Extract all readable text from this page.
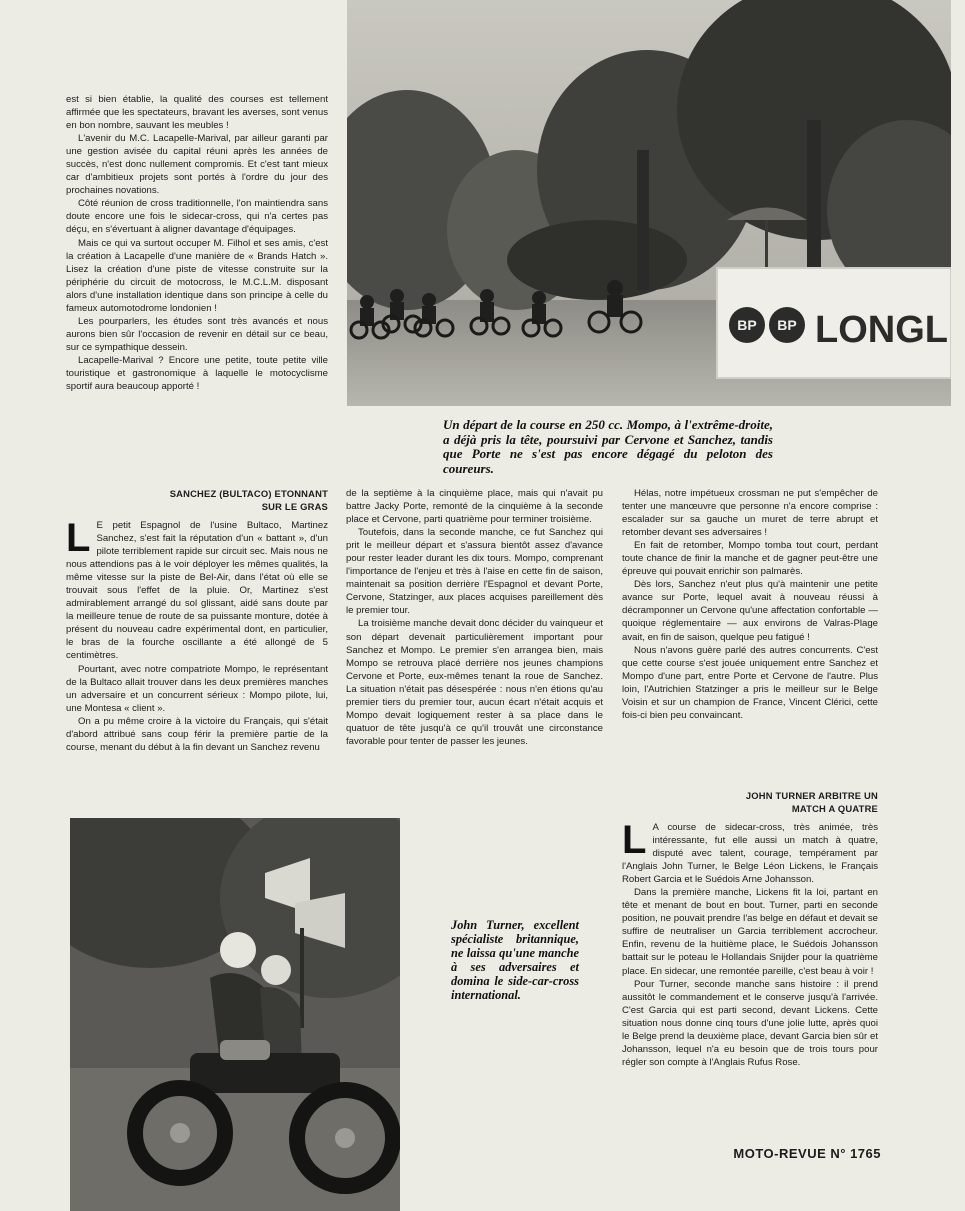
est si bien établie, la qualité des courses est tellement affirmée que les spectateurs, bravant les averses, sont venus en bon nombre, sauvant les meubles !

L'avenir du M.C. Lacapelle-Marival, par ailleur garanti par une gestion avisée du capital réuni après les années de succès, n'est donc nullement compromis. Et c'est tant mieux car d'ambitieux projets sont portés à l'ordre du jour des prochaines novations.

Côté réunion de cross traditionnelle, l'on maintiendra sans doute encore une fois le sidecar-cross, qui n'a certes pas déçu, en s'évertuant à aligner davantage d'équipages.

Mais ce qui va surtout occuper M. Filhol et ses amis, c'est la création à Lacapelle d'une manière de « Brands Hatch ». Lisez la création d'une piste de vitesse construite sur la périphérie du circuit de motocross, le M.C.L.M. disposant alors d'une installation identique dans son principe à celle du fameux automotodrome londonien !

Les pourparlers, les études sont très avancés et nous aurons bien sûr l'occasion de revenir en détail sur ce beau, sur ce sympathique dessein.

Lacapelle-Marival ? Encore une petite, toute petite ville touristique et gastronomique à laquelle le motocyclisme sportif aura beaucoup apporté !

BP BP LONGL
Un départ de la course en 250 cc. Mompo, à l'extrême-droite, a déjà pris la tête, poursuivi par Cervone et Sanchez, tandis que Porte ne s'est pas encore dégagé du peloton des coureurs.
SANCHEZ (BULTACO) ETONNANT
SUR LE GRAS
L E petit Espagnol de l'usine Bultaco, Martinez Sanchez, s'est fait la réputation d'un « battant », d'un pilote terriblement rapide sur circuit sec. Mais nous ne nous attendions pas à le voir déployer les mêmes qualités, la même vitesse sur la piste de Bel-Air, dans l'état où elle se trouvait sous l'effet de la pluie. Or, Martinez s'est admirablement arrangé du sol glissant, aidé sans doute par la meilleure tenue de route de sa puissante monture, dotée à présent du nouveau cadre expérimental dont, en particulier, le bras de la fourche oscillante a été allongé de 5 centimètres.

Pourtant, avec notre compatriote Mompo, le représentant de la Bultaco allait trouver dans les deux premières manches un adversaire et un concurrent sérieux : Mompo pilote, lui, une Montesa « client ».

On a pu même croire à la victoire du Français, qui s'était d'abord attribué sans coup férir la première partie de la course, menant du début à la fin devant un Sanchez revenu

de la septième à la cinquième place, mais qui n'avait pu battre Jacky Porte, remonté de la cinquième à la seconde place et Cervone, parti quatrième pour terminer troisième.

Toutefois, dans la seconde manche, ce fut Sanchez qui prit le meilleur départ et s'assura bientôt assez d'avance pour rester leader durant les dix tours. Mompo, comprenant l'importance de l'enjeu et très à l'aise en cette fin de saison, maintenait sa position derrière l'Espagnol et devant Porte, Cervone, Statzinger, aux places acquises pareillement dès le premier tour.

La troisième manche devait donc décider du vainqueur et son départ devenait particulièrement important pour Sanchez et Mompo. Le premier s'en arrangea bien, mais Mompo se retrouva placé derrière nos jeunes champions Cervone et Porte, eux-mêmes tenant la roue de Sanchez. La situation n'était pas désespérée : nous n'en étions qu'au premier tiers du premier tour, aucun écart n'était acquis et Mompo devait logiquement rester à sa place dans le quatuor de tête jusqu'à ce qu'il trouvât une circonstance favorable pour tenter de passer les jeunes.

Hélas, notre impétueux crossman ne put s'empêcher de tenter une manœuvre que personne n'a encore comprise : escalader sur sa gauche un muret de terre abrupt et retomber devant ses adversaires !

En fait de retomber, Mompo tomba tout court, perdant toute chance de finir la manche et de gagner peut-être une épreuve qui pouvait enrichir son palmarès.

Dès lors, Sanchez n'eut plus qu'à maintenir une petite avance sur Porte, lequel avait à nouveau réussi à décramponner un Cervone qu'une affectation confortable — quoique réglementaire — aux environs de Valras-Plage avait, en fin de saison, quelque peu fatigué !

Nous n'avons guère parlé des autres concurrents. C'est que cette course s'est jouée uniquement entre Sanchez et Mompo d'une part, entre Porte et Cervone de l'autre. Plus loin, l'Autrichien Statzinger a pris le meilleur sur le Belge Voisin et sur un champion de France, Vincent Clérici, cette fois-ci bien peu convaincant.

JOHN TURNER ARBITRE UN
MATCH A QUATRE
L A course de sidecar-cross, très animée, très intéressante, fut elle aussi un match à quatre, disputé avec talent, courage, tempérament par l'Anglais John Turner, le Belge Léon Lickens, le Français Robert Garcia et le Suédois Arne Johansson.

Dans la première manche, Lickens fit la loi, partant en tête et menant de bout en bout. Turner, parti en seconde position, ne pouvait prendre l'as belge en défaut et devait se suffire de neutraliser un Garcia terriblement accrocheur. Enfin, revenu de la huitième place, le Suédois Johansson battait sur le poteau le Hollandais Snijder pour la quatrième place. En sidecar, une remontée pareille, c'est beau à voir !

Pour Turner, seconde manche sans histoire : il prend aussitôt le commandement et le conserve jusqu'à l'arrivée. C'est Garcia qui est parti second, devant Lickens. Cette situation nous donne cinq tours d'une jolie lutte, après quoi le Belge prend la deuxième place, devant Garcia bien sûr et Johansson, lequel n'a eu besoin que de trois tours pour régler son compte à l'Anglais Rufus Rose.

John Turner, excellent spécialiste britannique, ne laissa qu'une manche à ses adversaires et domina le side-car-cross international.
MOTO-REVUE N° 1765
